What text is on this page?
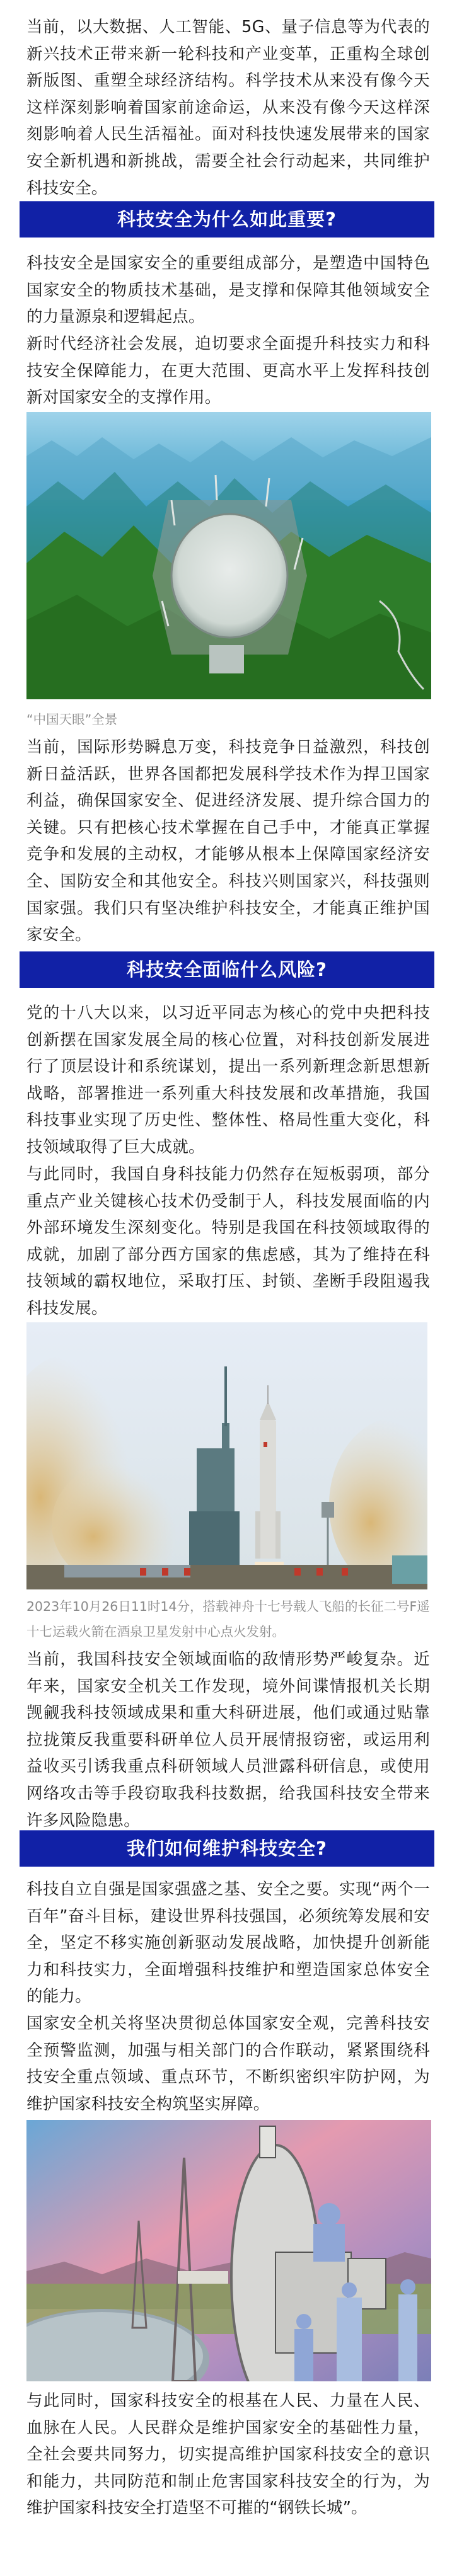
当前，以大数据、人工智能、5G、量子信息等为代表的新兴技术正带来新一轮科技和产业变革，正重构全球创新版图、重塑全球经济结构。科学技术从来没有像今天这样深刻影响着国家前途命运，从来没有像今天这样深刻影响着人民生活福祉。面对科技快速发展带来的国家安全新机遇和新挑战，需要全社会行动起来，共同维护科技安全。

科技安全为什么如此重要?

科技安全是国家安全的重要组成部分，是塑造中国特色国家安全的物质技术基础，是支撑和保障其他领域安全的力量源泉和逻辑起点。

新时代经济社会发展，迫切要求全面提升科技实力和科技安全保障能力，在更大范围、更高水平上发挥科技创新对国家安全的支撑作用。

“中国天眼”全景

当前，国际形势瞬息万变，科技竞争日益激烈，科技创新日益活跃，世界各国都把发展科学技术作为捍卫国家利益，确保国家安全、促进经济发展、提升综合国力的关键。只有把核心技术掌握在自己手中，才能真正掌握竞争和发展的主动权，才能够从根本上保障国家经济安全、国防安全和其他安全。科技兴则国家兴，科技强则国家强。我们只有坚决维护科技安全，才能真正维护国家安全。

科技安全面临什么风险?

党的十八大以来，以习近平同志为核心的党中央把科技创新摆在国家发展全局的核心位置，对科技创新发展进行了顶层设计和系统谋划，提出一系列新理念新思想新战略，部署推进一系列重大科技发展和改革措施，我国科技事业实现了历史性、整体性、格局性重大变化，科技领域取得了巨大成就。

与此同时，我国自身科技能力仍然存在短板弱项，部分重点产业关键核心技术仍受制于人，科技发展面临的内外部环境发生深刻变化。特别是我国在科技领域取得的成就，加剧了部分西方国家的焦虑感，其为了维持在科技领域的霸权地位，采取打压、封锁、垄断手段阻遏我科技发展。

2023年10月26日11时14分，搭载神舟十七号载人飞船的长征二号F遥十七运载火箭在酒泉卫星发射中心点火发射。

当前，我国科技安全领域面临的敌情形势严峻复杂。近年来，国家安全机关工作发现，境外间谍情报机关长期觊觎我科技领域成果和重大科研进展，他们或通过贴靠拉拢策反我重要科研单位人员开展情报窃密，或运用利益收买引诱我重点科研领域人员泄露科研信息，或使用网络攻击等手段窃取我科技数据，给我国科技安全带来许多风险隐患。

我们如何维护科技安全?

科技自立自强是国家强盛之基、安全之要。实现“两个一百年”奋斗目标，建设世界科技强国，必须统筹发展和安全，坚定不移实施创新驱动发展战略，加快提升创新能力和科技实力，全面增强科技维护和塑造国家总体安全的能力。

国家安全机关将坚决贯彻总体国家安全观，完善科技安全预警监测，加强与相关部门的合作联动，紧紧围绕科技安全重点领域、重点环节，不断织密织牢防护网，为维护国家科技安全构筑坚实屏障。

与此同时，国家科技安全的根基在人民、力量在人民、血脉在人民。人民群众是维护国家安全的基础性力量，全社会要共同努力，切实提高维护国家科技安全的意识和能力，共同防范和制止危害国家科技安全的行为，为维护国家科技安全打造坚不可摧的“钢铁长城”。
